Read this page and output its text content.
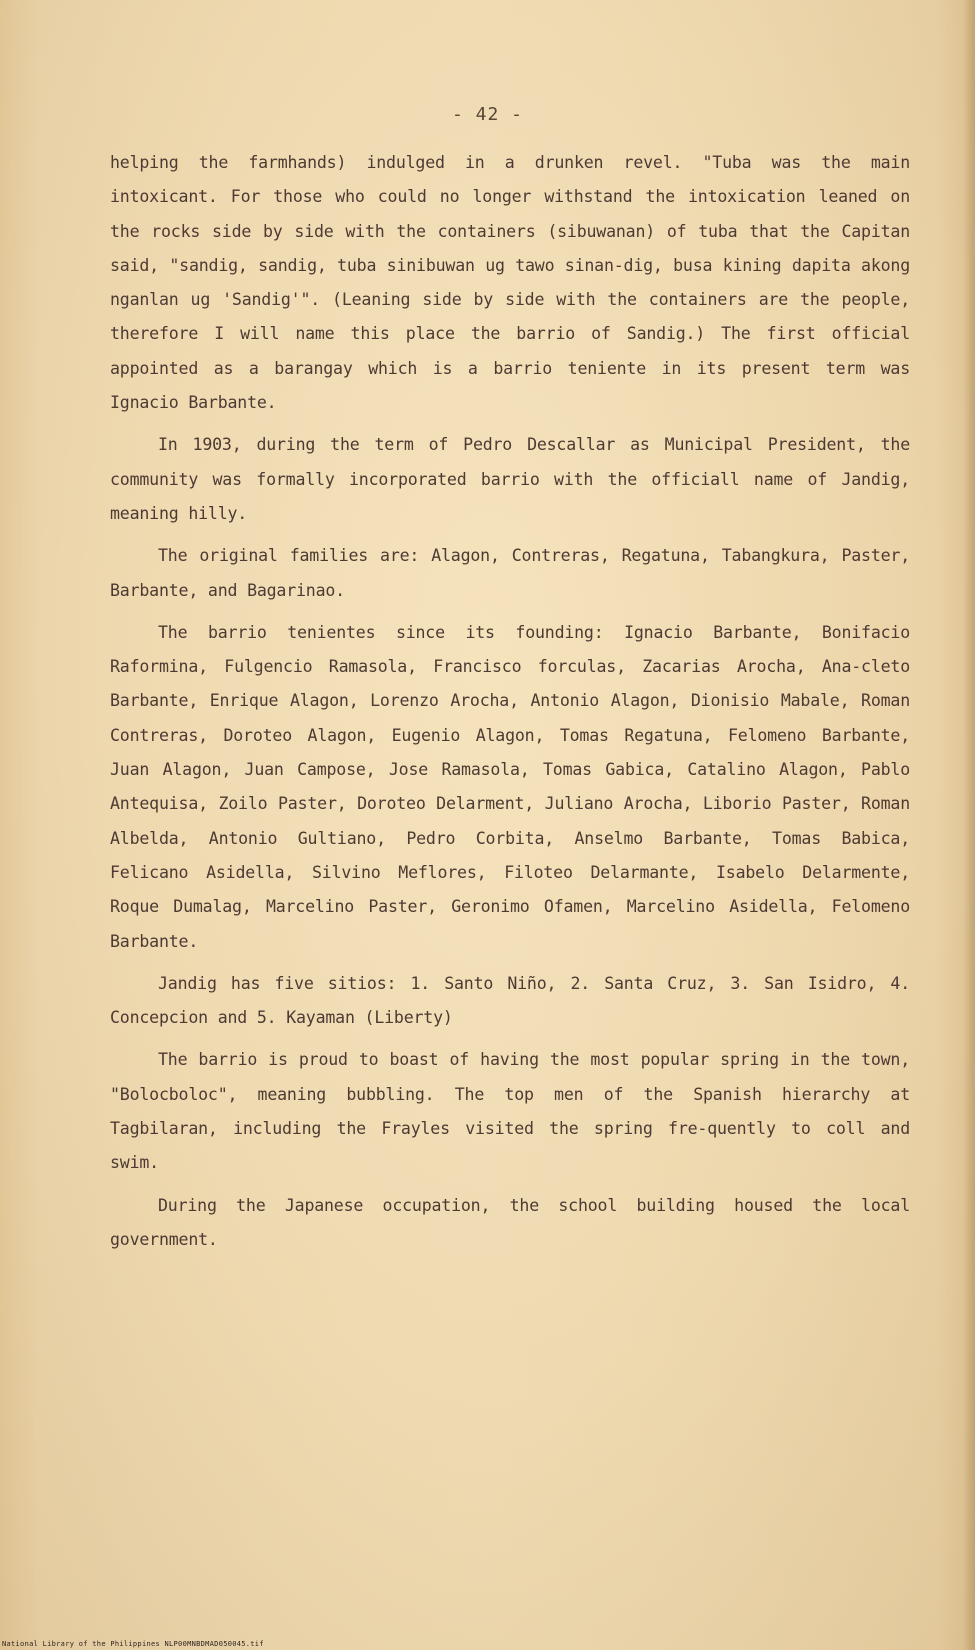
- 42 -

helping the farmhands) indulged in a drunken revel. "Tuba was the main intoxicant. For those who could no longer withstand the intoxication leaned on the rocks side by side with the containers (sibuwanan) of tuba that the Capitan said, "sandig, sandig, tuba sinibuwan ug tawo sinan-dig, busa kining dapita akong nganlan ug 'Sandig'". (Leaning side by side with the containers are the people, therefore I will name this place the barrio of Sandig.) The first official appointed as a barangay which is a barrio teniente in its present term was Ignacio Barbante.

In 1903, during the term of Pedro Descallar as Municipal President, the community was formally incorporated barrio with the officiall name of Jandig, meaning hilly.

The original families are: Alagon, Contreras, Regatuna, Tabangkura, Paster, Barbante, and Bagarinao.

The barrio tenientes since its founding: Ignacio Barbante, Bonifacio Raformina, Fulgencio Ramasola, Francisco forculas, Zacarias Arocha, Ana-cleto Barbante, Enrique Alagon, Lorenzo Arocha, Antonio Alagon, Dionisio Mabale, Roman Contreras, Doroteo Alagon, Eugenio Alagon, Tomas Regatuna, Felomeno Barbante, Juan Alagon, Juan Campose, Jose Ramasola, Tomas Gabica, Catalino Alagon, Pablo Antequisa, Zoilo Paster, Doroteo Delarment, Juliano Arocha, Liborio Paster, Roman Albelda, Antonio Gultiano, Pedro Corbita, Anselmo Barbante, Tomas Babica, Felicano Asidella, Silvino Meflores, Filoteo Delarmante, Isabelo Delarmente, Roque Dumalag, Marcelino Paster, Geronimo Ofamen, Marcelino Asidella, Felomeno Barbante.

Jandig has five sitios: 1. Santo Niño, 2. Santa Cruz, 3. San Isidro, 4. Concepcion and 5. Kayaman (Liberty)

The barrio is proud to boast of having the most popular spring in the town, "Bolocboloc", meaning bubbling. The top men of the Spanish hierarchy at Tagbilaran, including the Frayles visited the spring fre-quently to coll and swim.

During the Japanese occupation, the school building housed the local government.

National Library of the Philippines NLP00MNBDMAD050045.tif
